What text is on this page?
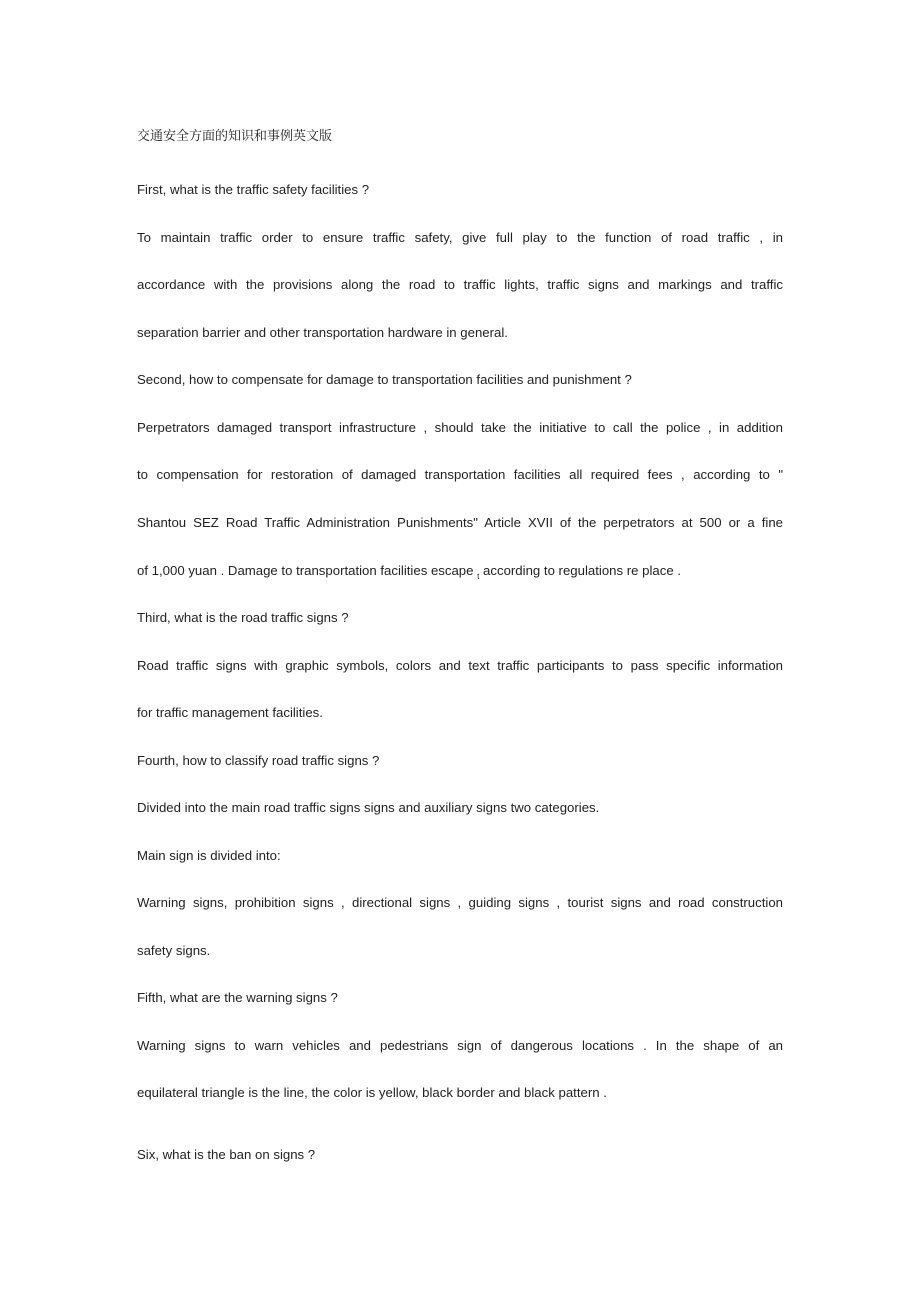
交通安全方面的知识和事例英文版
First, what is the traffic safety facilities ?
To maintain traffic order to ensure traffic safety, give full play to the function of road traffic , in
accordance with the provisions along the road to traffic lights, traffic signs and markings and traffic
separation barrier and other transportation hardware in general.
Second, how to compensate for damage to transportation facilities and punishment ?
Perpetrators damaged transport infrastructure , should take the initiative to call the police , in addition
to compensation for restoration of damaged transportation facilities all required fees , according to "
Shantou SEZ Road Traffic Administration Punishments" Article XVII of the perpetrators at 500 or a fine
of 1,000 yuan . Damage to transportation facilities escape $_t$ according to regulations re place .
Third, what is the road traffic signs ?
Road traffic signs with graphic symbols, colors and text traffic participants to pass specific information
for traffic management facilities.
Fourth, how to classify road traffic signs ?
Divided into the main road traffic signs signs and auxiliary signs two categories.
Main sign is divided into:
Warning signs, prohibition signs , directional signs , guiding signs , tourist signs and road construction
safety signs.
Fifth, what are the warning signs ?
Warning signs to warn vehicles and pedestrians sign of dangerous locations . In the shape of an
equilateral triangle is the line, the color is yellow, black border and black pattern .
Six, what is the ban on signs ?
